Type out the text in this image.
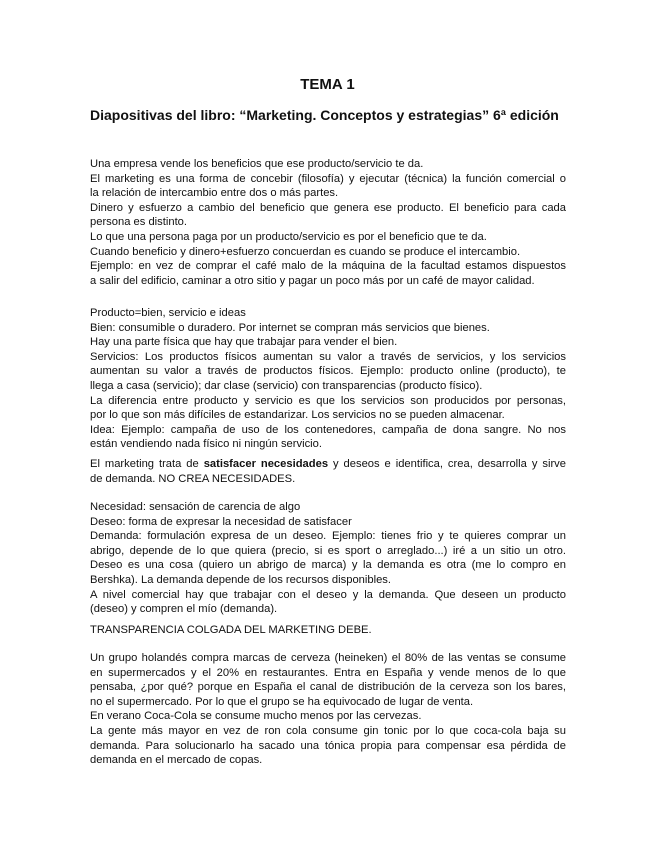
TEMA 1
Diapositivas del libro: “Marketing. Conceptos y estrategias” 6ª edición
Una empresa vende los beneficios que ese producto/servicio te da.
El marketing es una forma de concebir (filosofía) y ejecutar (técnica) la función comercial o
la relación de intercambio entre dos o más partes.
Dinero y esfuerzo a cambio del beneficio que genera ese producto. El beneficio para cada
persona es distinto.
Lo que una persona paga por un producto/servicio es por el beneficio que te da.
Cuando beneficio y dinero+esfuerzo concuerdan es cuando se produce el intercambio.
Ejemplo: en vez de comprar el café malo de la máquina de la facultad estamos dispuestos
a salir del edificio, caminar a otro sitio y pagar un poco más por un café de mayor calidad.
Producto=bien, servicio e ideas
Bien: consumible o duradero. Por internet se compran más servicios que bienes.
Hay una parte física que hay que trabajar para vender el bien.
Servicios: Los productos físicos aumentan su valor a través de servicios, y los servicios
aumentan su valor a través de productos físicos. Ejemplo: producto online (producto), te
llega a casa (servicio); dar clase (servicio) con transparencias (producto físico).
La diferencia entre producto y servicio es que los servicios son producidos por personas,
por lo que son más difíciles de estandarizar. Los servicios no se pueden almacenar.
Idea: Ejemplo: campaña de uso de los contenedores, campaña de dona sangre. No nos
están vendiendo nada físico ni ningún servicio.
El marketing trata de satisfacer necesidades y deseos e identifica, crea, desarrolla y sirve
de demanda. NO CREA NECESIDADES.
Necesidad: sensación de carencia de algo
Deseo: forma de expresar la necesidad de satisfacer
Demanda: formulación expresa de un deseo. Ejemplo: tienes frio y te quieres comprar un
abrigo, depende de lo que quiera (precio, si es sport o arreglado...) iré a un sitio un otro.
Deseo es una cosa (quiero un abrigo de marca) y la demanda es otra (me lo compro en
Bershka). La demanda depende de los recursos disponibles.
A nivel comercial hay que trabajar con el deseo y la demanda. Que deseen un producto
(deseo) y compren el mío (demanda).
TRANSPARENCIA COLGADA DEL MARKETING DEBE.
Un grupo holandés compra marcas de cerveza (heineken) el 80% de las ventas se consume
en supermercados y el 20% en restaurantes. Entra en España y vende menos de lo que
pensaba, ¿por qué? porque en España el canal de distribución de la cerveza son los bares,
no el supermercado. Por lo que el grupo se ha equivocado de lugar de venta.
En verano Coca-Cola se consume mucho menos por las cervezas.
La gente más mayor en vez de ron cola consume gin tonic por lo que coca-cola baja su
demanda. Para solucionarlo ha sacado una tónica propia para compensar esa pérdida de
demanda en el mercado de copas.
